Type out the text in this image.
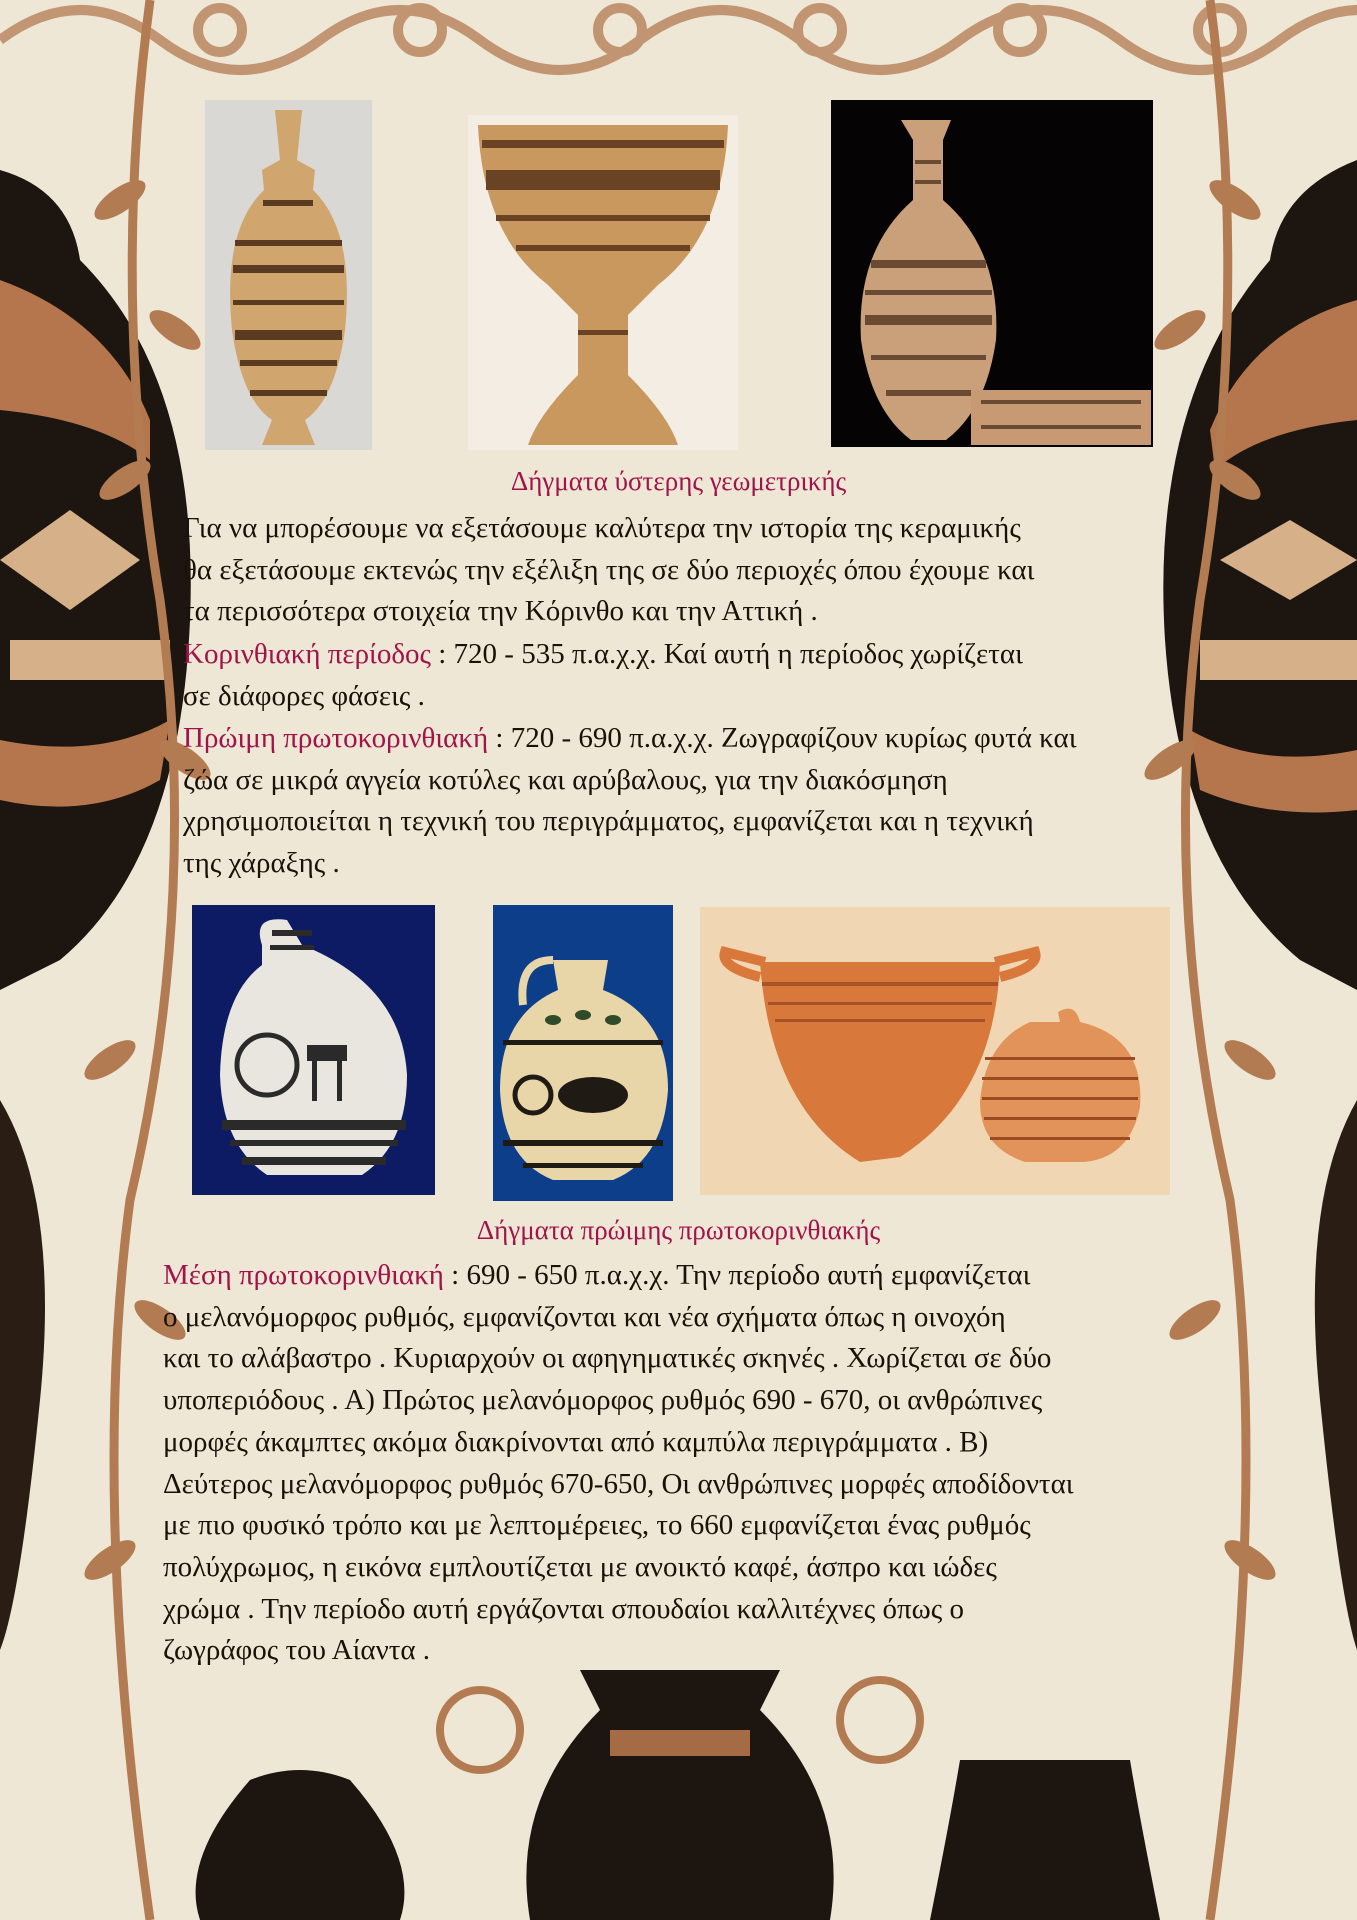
Δήγματα ύστερης γεωμετρικής
Για να μπορέσουμε να εξετάσουμε καλύτερα την ιστορία της κεραμικής
θα εξετάσουμε εκτενώς την εξέλιξη της σε δύο περιοχές όπου έχουμε και
τα περισσότερα στοιχεία την Κόρινθο και την Αττική .
Κορινθιακή περίοδος : 720 - 535 π.α.χ.χ. Καί αυτή η περίοδος χωρίζεται
σε διάφορες φάσεις .
Πρώιμη πρωτοκορινθιακή : 720 - 690 π.α.χ.χ. Ζωγραφίζουν κυρίως φυτά και
ζώα σε μικρά αγγεία κοτύλες και αρύβαλους, για την διακόσμηση
χρησιμοποιείται η τεχνική του περιγράμματος, εμφανίζεται και η τεχνική
της χάραξης .
Δήγματα πρώιμης πρωτοκορινθιακής
Μέση πρωτοκορινθιακή : 690 - 650 π.α.χ.χ. Την περίοδο αυτή εμφανίζεται
ο μελανόμορφος ρυθμός, εμφανίζονται και νέα σχήματα όπως η οινοχόη
και το αλάβαστρο . Κυριαρχούν οι αφηγηματικές σκηνές . Χωρίζεται σε δύο
υποπεριόδους . Α) Πρώτος μελανόμορφος ρυθμός 690 - 670, οι ανθρώπινες
μορφές άκαμπτες ακόμα διακρίνονται από καμπύλα περιγράμματα . Β)
Δεύτερος μελανόμορφος ρυθμός 670-650, Οι ανθρώπινες μορφές αποδίδονται
με πιο φυσικό τρόπο και με λεπτομέρειες, το 660 εμφανίζεται ένας ρυθμός
πολύχρωμος, η εικόνα εμπλουτίζεται με ανοικτό καφέ, άσπρο και ιώδες
χρώμα . Την περίοδο αυτή εργάζονται σπουδαίοι καλλιτέχνες όπως ο
ζωγράφος του Αίαντα .
